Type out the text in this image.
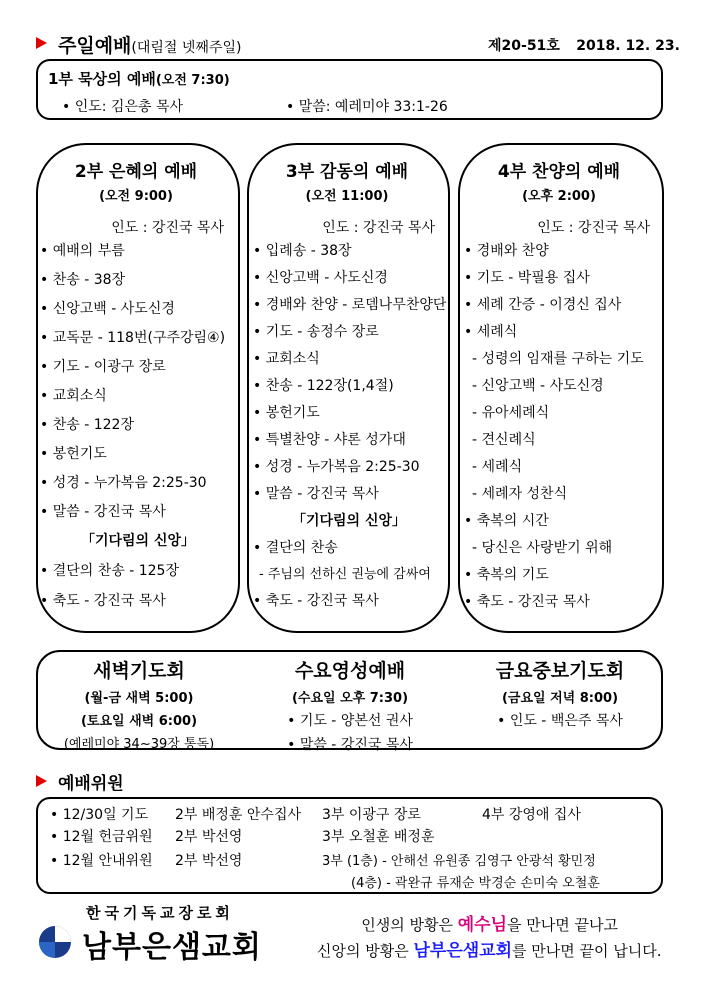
주일예배(대림절 넷째주일)	제20-51호 2018. 12. 23.
1부 묵상의 예배(오전 7:30)
• 인도: 김은총 목사
•	말씀: 예레미야 33:1-26
2부 은혜의 예배
(오전 9:00)
인도 : 강진국 목사
• 예배의 부름
• 찬송 - 38장
• 신앙고백 - 사도신경
• 교독문 - 118번(구주강림④)
• 기도 - 이광구 장로
• 교회소식
• 찬송 - 122장
• 봉헌기도
• 성경 - 누가복음 2:25-30
• 말씀 - 강진국 목사
「기다림의 신앙」
• 결단의 찬송 - 125장
• 축도 - 강진국 목사
3부 감동의 예배
(오전 11:00)
인도 : 강진국 목사
• 입례송 - 38장
• 신앙고백 - 사도신경
• 경배와 찬양 - 로뎀나무찬양단
• 기도 - 송정수 장로
• 교회소식
• 찬송 - 122장(1,4절)
• 봉헌기도
• 특별찬양 - 샤론 성가대
• 성경 - 누가복음 2:25-30
• 말씀 - 강진국 목사
「기다림의 신앙」
• 결단의 찬송
- 주님의 선하신 권능에 감싸여
• 축도 - 강진국 목사
4부 찬양의 예배
(오후 2:00)
인도 : 강진국 목사
• 경배와 찬양
• 기도 - 박필용 집사
• 세례 간증 - 이경신 집사
• 세례식
- 성령의 임재를 구하는 기도
- 신앙고백 - 사도신경
- 유아세례식
- 견신례식
- 세례식
- 세례자 성찬식
• 축복의 시간
- 당신은 사랑받기 위해
• 축복의 기도
• 축도 - 강진국 목사
새벽기도회
(월-금 새벽 5:00)
(토요일 새벽 6:00)
(예레미야 34~39장 통독)
수요영성예배
(수요일 오후 7:30)
• 기도 - 양본선 권사
• 말씀 - 강진국 목사
금요중보기도회
(금요일 저녁 8:00)
• 인도 - 백은주 목사
예배위원
• 12/30일 기도 2부 배정훈 안수집사 3부 이광구 장로	4부 강영애 집사
• 12월 헌금위원 2부 박선영	3부 오철훈 배정훈
• 12월 안내위원 2부 박선영	3부 (1층) - 안해선 유원종 김영구 안광석 황민정
(4층) - 곽완규 류재순 박경순 손미숙 오철훈
한국기독교장로회
남부은샘교회
인생의 방황은 예수님을 만나면 끝나고
신앙의 방황은 남부은샘교회를 만나면 끝이 납니다.
